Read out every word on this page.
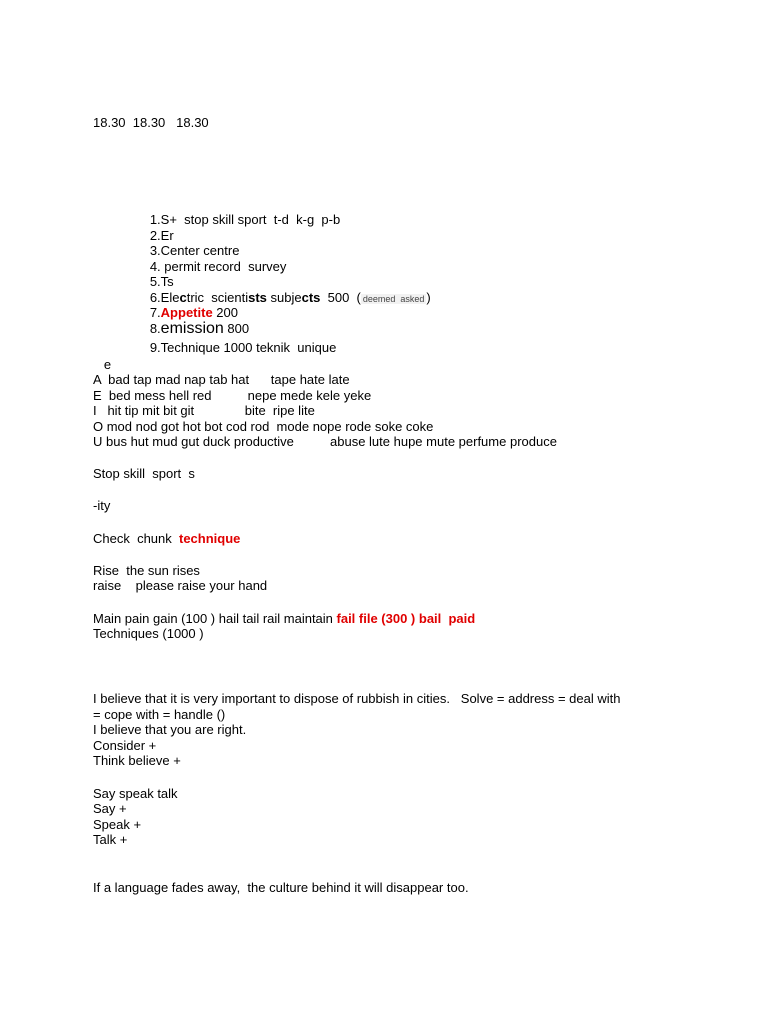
18.30  18.30   18.30

1.S+  stop skill sport  t-d  k-g  p-b

2.Er

3.Center centre

4. permit record  survey

5.Ts

6.Electric  scientists subjects  500  ( deemed  asked )

7.Appetite 200

8.emission 800

9.Technique 1000 teknik  unique

e
A  bad tap mad nap tab hat      tape hate late
E  bed mess hell red          nepe mede kele yeke
I   hit tip mit bit git              bite  ripe lite
O mod nod got hot bot cod rod  mode nope rode soke coke
U bus hut mud gut duck productive          abuse lute hupe mute perfume produce
Stop skill  sport  s
-ity
Check  chunk  technique
Rise  the sun rises
raise    please raise your hand
Main pain gain (100 ) hail tail rail maintain fail file (300 ) bail  paid
Techniques (1000 )
I believe that it is very important to dispose of rubbish in cities.   Solve = address = deal with
= cope with = handle ()
I believe that you are right.
Consider +
Think believe +
Say speak talk
Say +
Speak +
Talk +
If a language fades away,  the culture behind it will disappear too.
